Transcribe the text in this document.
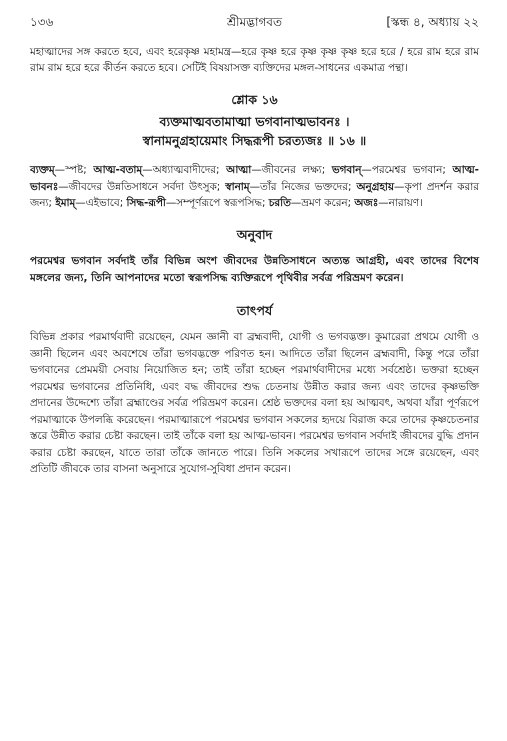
১৩৬	শ্রীমদ্ভাগবত	[স্কন্ধ ৪, অধ্যায় ২২

মহাত্মাদের সঙ্গ করতে হবে, এবং হরেকৃষ্ণ মহামন্ত্র—হরে কৃষ্ণ হরে কৃষ্ণ কৃষ্ণ কৃষ্ণ হরে হরে / হরে রাম হরে রাম রাম রাম হরে হরে কীর্তন করতে হবে। সেটিই বিষয়াসক্ত ব্যক্তিদের মঙ্গল-সাধনের একমাত্র পন্থা।

শ্লোক ১৬
ব্যক্তমাত্মবতামাত্মা ভগবানাত্মভাবনঃ ।
স্বানামনুগ্রহায়েমাং সিদ্ধরূপী চরত্যজঃ ॥ ১৬ ॥
ব্যক্তম্—স্পষ্ট; আত্ম-বতাম্—অধ্যাত্মবাদীদের; আত্মা—জীবনের লক্ষ্য; ভগবান্—পরমেশ্বর ভগবান; আত্ম-ভাবনঃ—জীবদের উন্নতিসাধনে সর্বদা উৎসুক; স্বানাম্—তাঁর নিজের ভক্তদের; অনুগ্রহায়—কৃপা প্রদর্শন করার জন্য; ইমাম্—এইভাবে; সিদ্ধ-রূপী—সম্পূর্ণরূপে স্বরূপসিদ্ধ; চরতি—ভ্রমণ করেন; অজঃ—নারায়ণ।
অনুবাদ
পরমেশ্বর ভগবান সর্বদাই তাঁর বিভিন্ন অংশ জীবদের উন্নতিসাধনে অত্যন্ত আগ্রহী, এবং তাদের বিশেষ মঙ্গলের জন্য, তিনি আপনাদের মতো স্বরূপসিদ্ধ ব্যক্তিরূপে পৃথিবীর সর্বত্র পরিভ্রমণ করেন।
তাৎপর্য
বিভিন্ন প্রকার পরমার্থবাদী রয়েছেন, যেমন জ্ঞানী বা ব্রহ্মবাদী, যোগী ও ভগবদ্ভক্ত। কুমারেরা প্রথমে যোগী ও জ্ঞানী ছিলেন এবং অবশেষে তাঁরা ভগবদ্ভক্তে পরিণত হন। আদিতে তাঁরা ছিলেন ব্রহ্মবাদী, কিন্তু পরে তাঁরা ভগবানের প্রেমময়ী সেবায় নিয়োজিত হন; তাই তাঁরা হচ্ছেন পরমার্থবাদীদের মধ্যে সর্বশ্রেষ্ঠ। ভক্তরা হচ্ছেন পরমেশ্বর ভগবানের প্রতিনিধি, এবং বদ্ধ জীবদের শুদ্ধ চেতনায় উন্নীত করার জন্য এবং তাদের কৃষ্ণভক্তি প্রদানের উদ্দেশ্যে তাঁরা ব্রহ্মাণ্ডের সর্বত্র পরিভ্রমণ করেন। শ্রেষ্ঠ ভক্তদের বলা হয় আত্মবৎ, অথবা যাঁরা পূর্ণরূপে পরমাত্মাকে উপলব্ধি করেছেন। পরমাত্মারূপে পরমেশ্বর ভগবান সকলের হৃদয়ে বিরাজ করে তাদের কৃষ্ণচেতনার স্তরে উন্নীত করার চেষ্টা করছেন। তাই তাঁকে বলা হয় আত্ম-ভাবন। পরমেশ্বর ভগবান সর্বদাই জীবদের বুদ্ধি প্রদান করার চেষ্টা করছেন, যাতে তারা তাঁকে জানতে পারে। তিনি সকলের সখারূপে তাদের সঙ্গে রয়েছেন, এবং প্রতিটি জীবকে তার বাসনা অনুসারে সুযোগ-সুবিধা প্রদান করেন।
